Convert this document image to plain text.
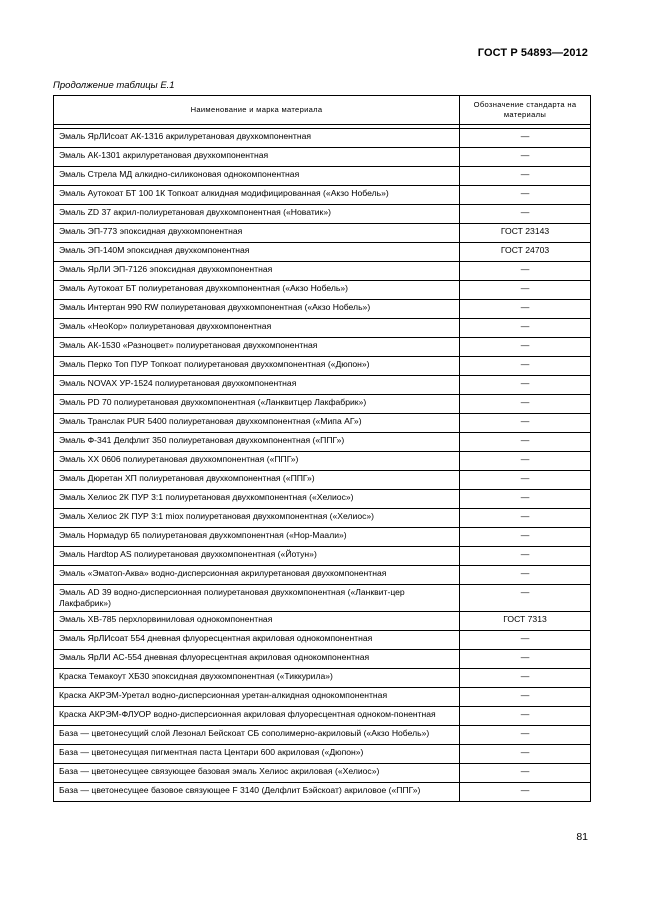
ГОСТ Р 54893—2012
Продолжение таблицы Е.1
Наименование и марка материала	Обозначение стандарта на материалы

Эмаль ЯрЛИсоат АК-1316 акрилуретановая двухкомпонентная	—
Эмаль АК-1301 акрилуретановая двухкомпонентная	—
Эмаль Стрела МД алкидно-силиконовая однокомпонентная	—
Эмаль Аутокоат БТ 100 1К Топкоат алкидная модифицированная («Акзо Нобель»)	—
Эмаль ZD 37 акрил-полиуретановая двухкомпонентная («Новатик»)	—
Эмаль ЭП-773 эпоксидная двухкомпонентная	ГОСТ 23143
Эмаль ЭП-140М эпоксидная двухкомпонентная	ГОСТ 24703
Эмаль ЯрЛИ ЭП-7126 эпоксидная двухкомпонентная	—
Эмаль Аутокоат БТ полиуретановая двухкомпонентная («Акзо Нобель»)	—
Эмаль Интертан 990 RW полиуретановая двухкомпонентная («Акзо Нобель»)	—
Эмаль «НеоКор» полиуретановая двухкомпонентная	—
Эмаль АК-1530 «Разноцвет» полиуретановая двухкомпонентная	—
Эмаль Перко Топ ПУР Топкоат полиуретановая двухкомпонентная («Дюпон»)	—
Эмаль NOVAX УР-1524 полиуретановая двухкомпонентная	—
Эмаль PD 70 полиуретановая двухкомпонентная («Ланквитцер Лакфабрик»)	—
Эмаль Транслак PUR 5400 полиуретановая двухкомпонентная («Мипа АГ»)	—
Эмаль Ф-341 Делфлит 350 полиуретановая двухкомпонентная («ППГ»)	—
Эмаль ХХ 0606 полиуретановая двухкомпонентная («ППГ»)	—
Эмаль Дюретан ХП полиуретановая двухкомпонентная («ППГ»)	—
Эмаль Хелиос 2К ПУР 3:1 полиуретановая двухкомпонентная («Хелиос»)	—
Эмаль Хелиос 2К ПУР 3:1 miox полиуретановая двухкомпонентная («Хелиос»)	—
Эмаль Нормадур 65 полиуретановая двухкомпонентная («Нор-Маали»)	—
Эмаль Hardtop AS полиуретановая двухкомпонентная («Йотун»)	—
Эмаль «Эматоп-Аква» водно-дисперсионная акрилуретановая двухкомпонентная	—
Эмаль AD 39 водно-дисперсионная полиуретановая двухкомпонентная («Ланквит-цер Лакфабрик»)	—
Эмаль ХВ-785 перхлорвиниловая однокомпонентная	ГОСТ 7313
Эмаль ЯрЛИсоат 554 дневная флуоресцентная акриловая однокомпонентная	—
Эмаль ЯрЛИ АС-554 дневная флуоресцентная акриловая однокомпонентная	—
Краска Темакоут ХБ30 эпоксидная двухкомпонентная («Тиккурила»)	—
Краска АКРЭМ-Уретал водно-дисперсионная уретан-алкидная однокомпонентная	—
Краска АКРЭМ-ФЛУОР водно-дисперсионная акриловая флуоресцентная одноком-понентная	—
База — цветонесущий слой Лезонал Бейскоат СБ сополимерно-акриловый («Акзо Нобель»)	—
База — цветонесущая пигментная паста Центари 600 акриловая («Дюпон»)	—
База — цветонесущее связующее базовая эмаль Хелиос акриловая («Хелиос»)	—
База — цветонесущее базовое связующее F 3140 (Делфлит Бэйскоат) акриловое («ППГ»)	—
81
